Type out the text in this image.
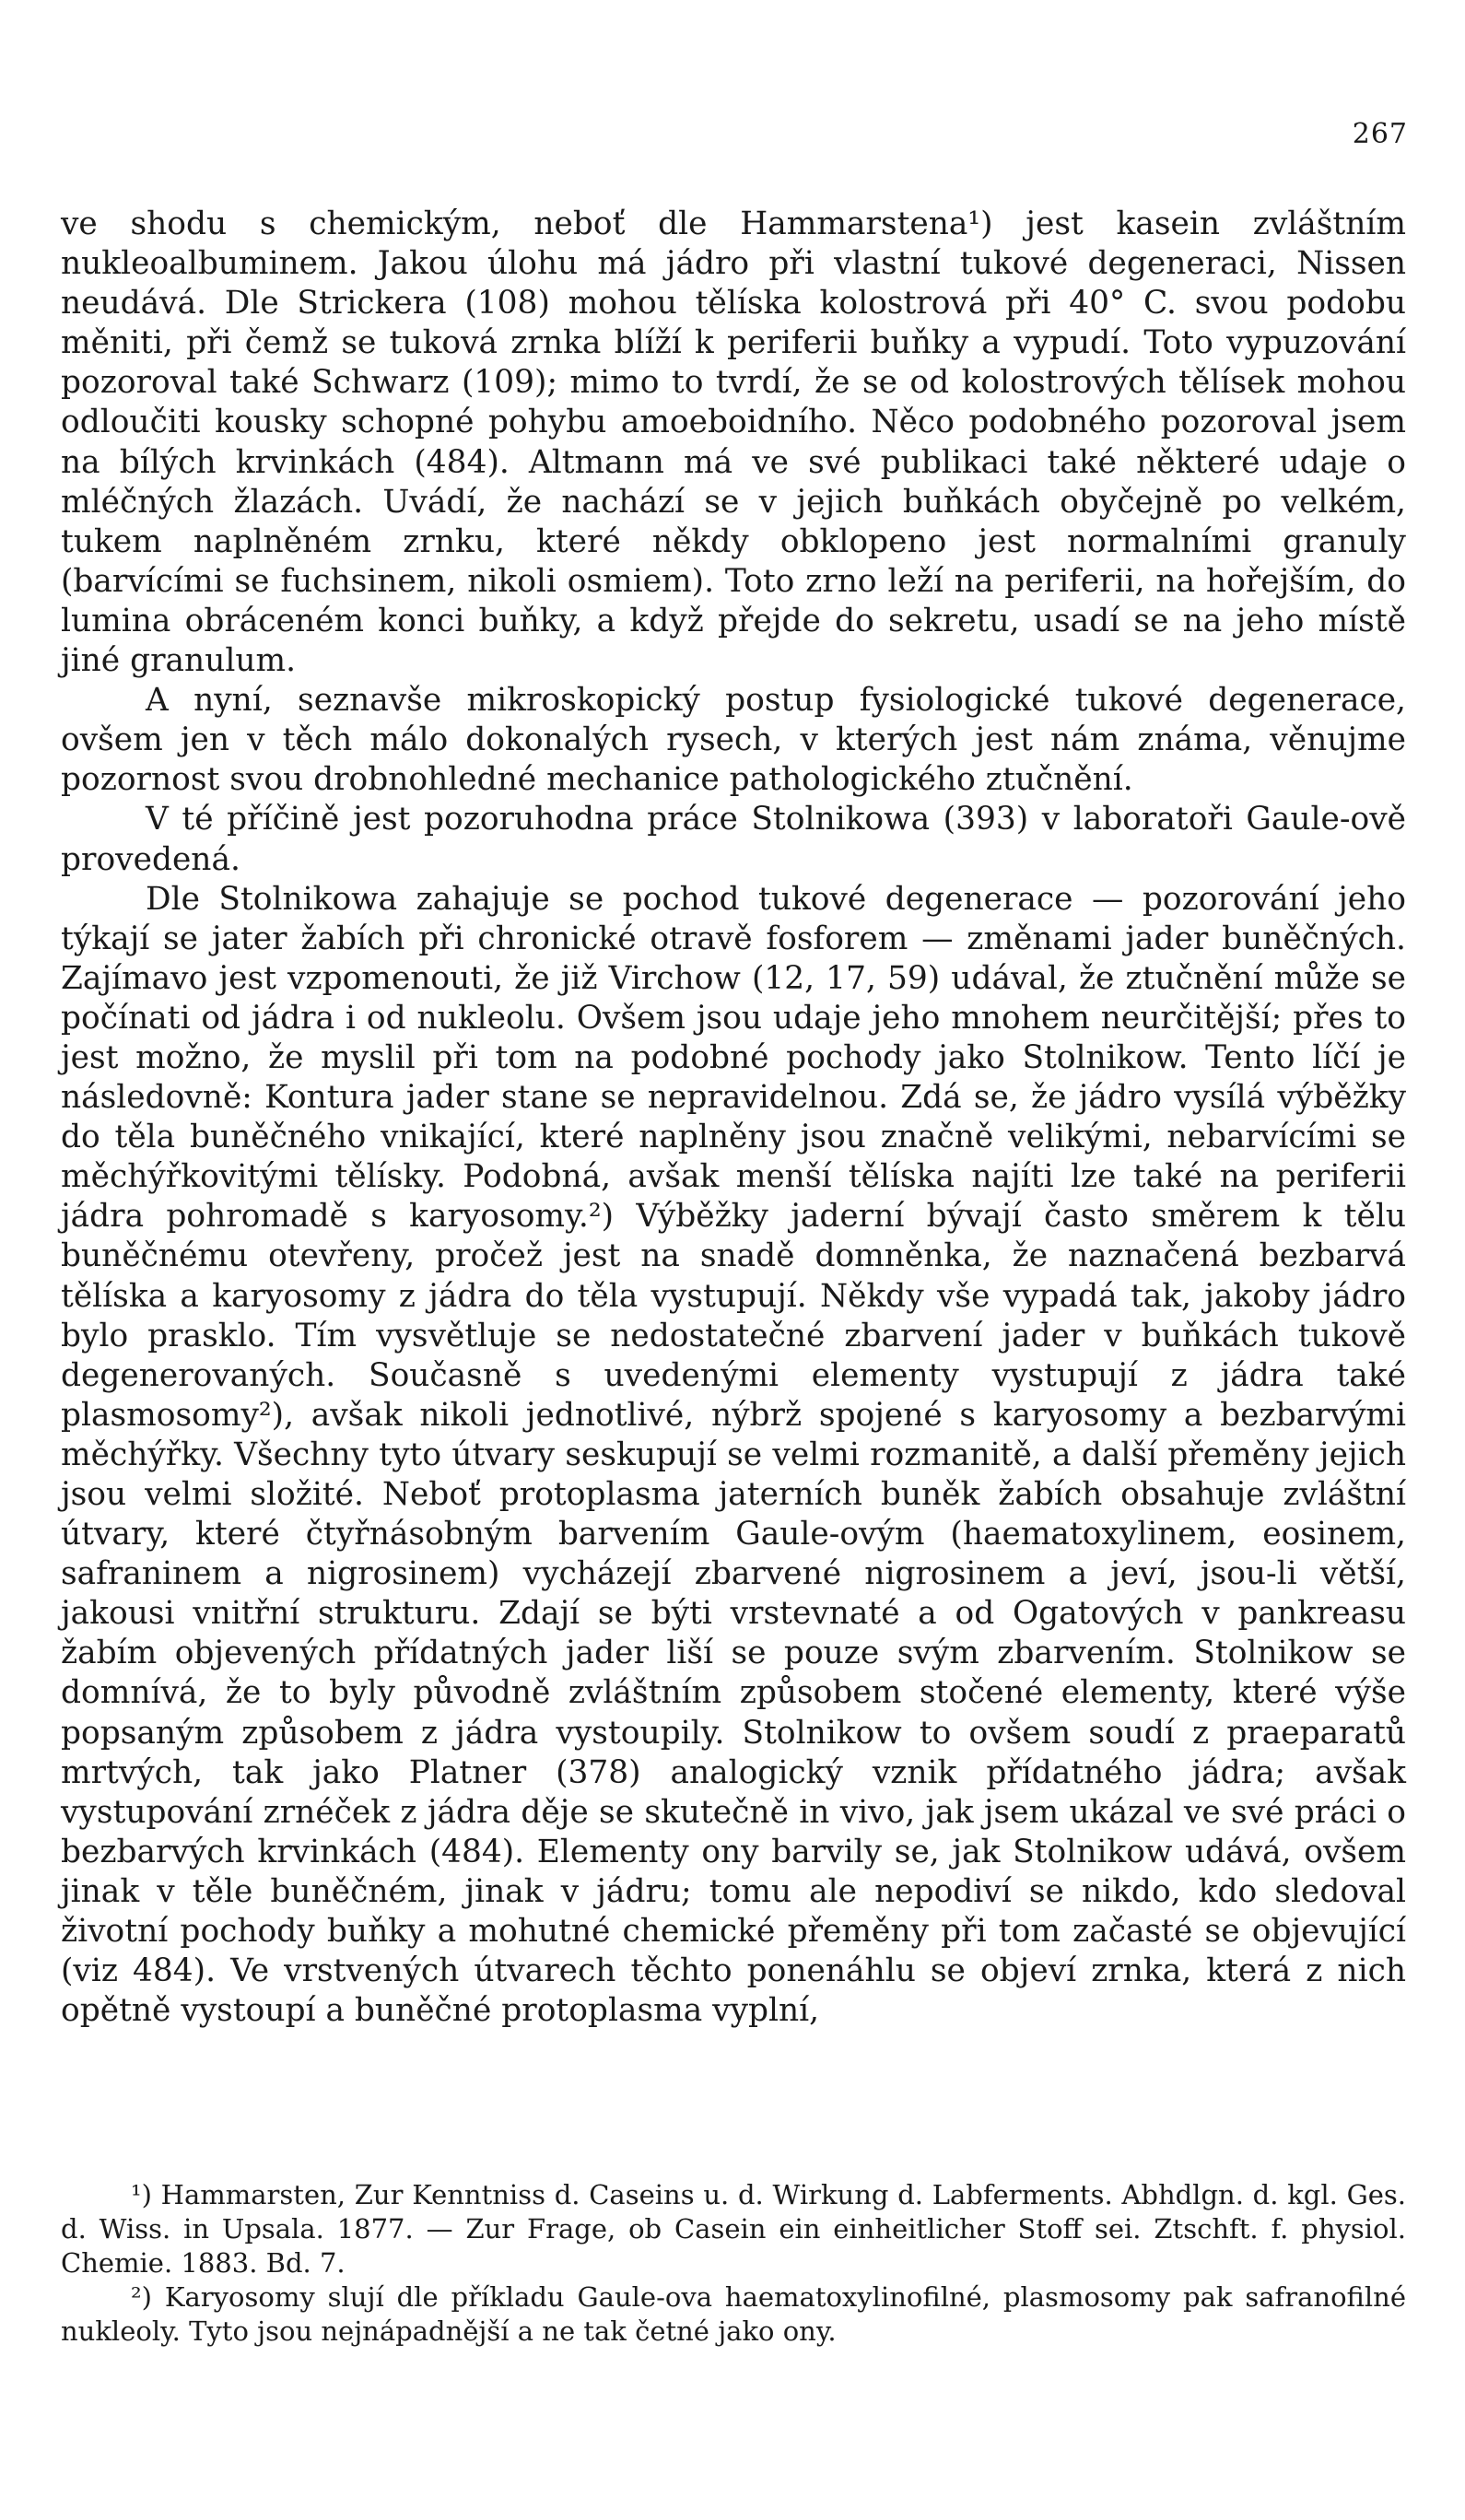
267

ve shodu s chemickým, neboť dle Hammarstena¹) jest kasein zvláštním nukleoalbuminem. Jakou úlohu má jádro při vlastní tukové degeneraci, Nissen neudává. Dle Strickera (108) mohou tělíska kolostrová při 40° C. svou podobu měniti, při čemž se tuková zrnka blíží k periferii buňky a vypudí. Toto vypuzování pozoroval také Schwarz (109); mimo to tvrdí, že se od kolostrových tělísek mohou odloučiti kousky schopné pohybu amoeboidního. Něco podobného pozoroval jsem na bílých krvinkách (484). Altmann má ve své publikaci také některé udaje o mléčných žlazách. Uvádí, že nachází se v jejich buňkách obyčejně po velkém, tukem naplněném zrnku, které někdy obklopeno jest normalními granuly (barvícími se fuchsinem, nikoli osmiem). Toto zrno leží na periferii, na hořejším, do lumina obráceném konci buňky, a když přejde do sekretu, usadí se na jeho místě jiné granulum.

A nyní, seznavše mikroskopický postup fysiologické tukové degenerace, ovšem jen v těch málo dokonalých rysech, v kterých jest nám známa, věnujme pozornost svou drobnohledné mechanice pathologického ztučnění.

V té příčině jest pozoruhodna práce Stolnikowa (393) v laboratoři Gaule-ově provedená.

Dle Stolnikowa zahajuje se pochod tukové degenerace — pozorování jeho týkají se jater žabích při chronické otravě fosforem — změnami jader buněčných. Zajímavo jest vzpomenouti, že již Virchow (12, 17, 59) udával, že ztučnění může se počínati od jádra i od nukleolu. Ovšem jsou udaje jeho mnohem neurčitější; přes to jest možno, že myslil při tom na podobné pochody jako Stolnikow. Tento líčí je následovně: Kontura jader stane se nepravidelnou. Zdá se, že jádro vysílá výběžky do těla buněčného vnikající, které naplněny jsou značně velikými, nebarvícími se měchýřkovitými tělísky. Podobná, avšak menší tělíska najíti lze také na periferii jádra pohromadě s karyosomy.²) Výběžky jaderní bývají často směrem k tělu buněčnému otevřeny, pročež jest na snadě domněnka, že naznačená bezbarvá tělíska a karyosomy z jádra do těla vystupují. Někdy vše vypadá tak, jakoby jádro bylo prasklo. Tím vysvětluje se nedostatečné zbarvení jader v buňkách tukově degenerovaných. Současně s uvedenými elementy vystupují z jádra také plasmosomy²), avšak nikoli jednotlivé, nýbrž spojené s karyosomy a bezbarvými měchýřky. Všechny tyto útvary seskupují se velmi rozmanitě, a další přeměny jejich jsou velmi složité. Neboť protoplasma jaterních buněk žabích obsahuje zvláštní útvary, které čtyřnásobným barvením Gaule-ovým (haematoxylinem, eosinem, safraninem a nigrosinem) vycházejí zbarvené nigrosinem a jeví, jsou-li větší, jakousi vnitřní strukturu. Zdají se býti vrstevnaté a od Ogatových v pankreasu žabím objevených přídatných jader liší se pouze svým zbarvením. Stolnikow se domnívá, že to byly původně zvláštním způsobem stočené elementy, které výše popsaným způsobem z jádra vystoupily. Stolnikow to ovšem soudí z praeparatů mrtvých, tak jako Platner (378) analogický vznik přídatného jádra; avšak vystupování zrnéček z jádra děje se skutečně in vivo, jak jsem ukázal ve své práci o bezbarvých krvinkách (484). Elementy ony barvily se, jak Stolnikow udává, ovšem jinak v těle buněčném, jinak v jádru; tomu ale nepodiví se nikdo, kdo sledoval životní pochody buňky a mohutné chemické přeměny při tom začasté se objevující (viz 484). Ve vrstvených útvarech těchto ponenáhlu se objeví zrnka, která z nich opětně vystoupí a buněčné protoplasma vyplní,

¹) Hammarsten, Zur Kenntniss d. Caseins u. d. Wirkung d. Labferments. Abhdlgn. d. kgl. Ges. d. Wiss. in Upsala. 1877. — Zur Frage, ob Casein ein einheitlicher Stoff sei. Ztschft. f. physiol. Chemie. 1883. Bd. 7.

²) Karyosomy slují dle příkladu Gaule-ova haematoxylinofilné, plasmosomy pak safranofilné nukleoly. Tyto jsou nejnápadnější a ne tak četné jako ony.
